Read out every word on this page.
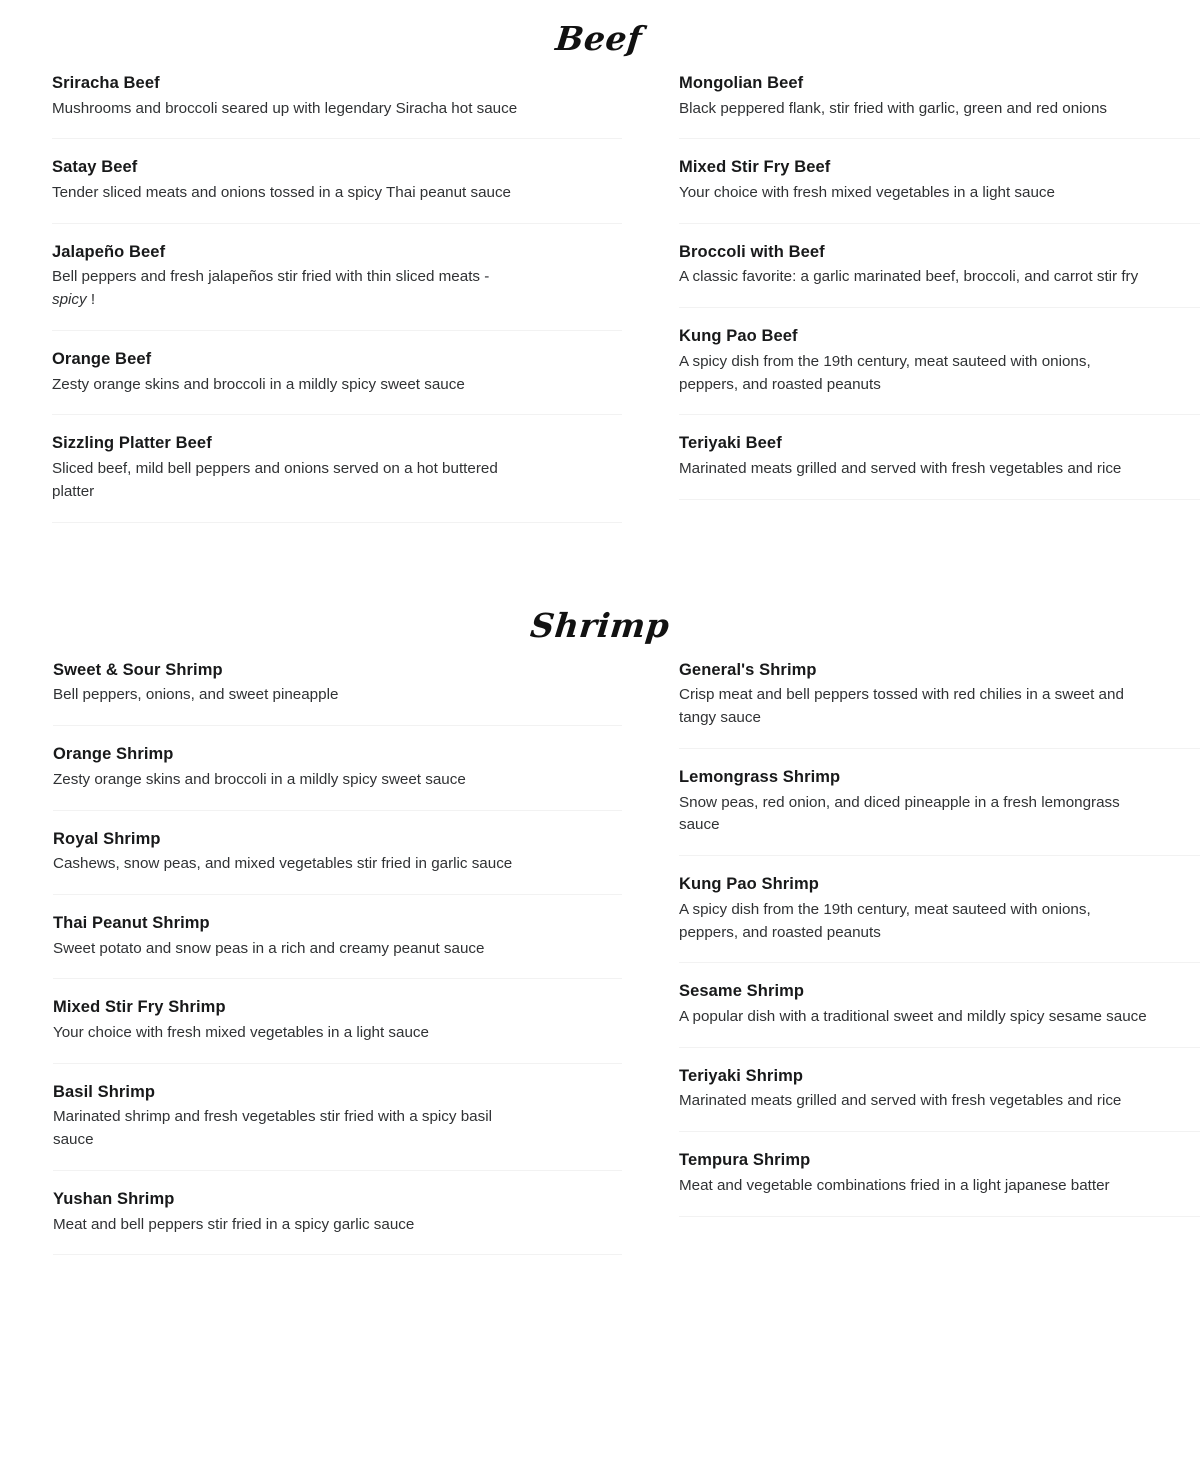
Beef
Sriracha Beef
Mushrooms and broccoli seared up with legendary Siracha hot sauce
Satay Beef
Tender sliced meats and onions tossed in a spicy Thai peanut sauce
Jalapeño Beef
Bell peppers and fresh jalapeños stir fried with thin sliced meats - spicy !
Orange Beef
Zesty orange skins and broccoli in a mildly spicy sweet sauce
Sizzling Platter Beef
Sliced beef, mild bell peppers and onions served on a hot buttered platter
Mongolian Beef
Black peppered flank, stir fried with garlic, green and red onions
Mixed Stir Fry Beef
Your choice with fresh mixed vegetables in a light sauce
Broccoli with Beef
A classic favorite: a garlic marinated beef, broccoli, and carrot stir fry
Kung Pao Beef
A spicy dish from the 19th century, meat sauteed with onions, peppers, and roasted peanuts
Teriyaki Beef
Marinated meats grilled and served with fresh vegetables and rice
Shrimp
Sweet & Sour Shrimp
Bell peppers, onions, and sweet pineapple
Orange Shrimp
Zesty orange skins and broccoli in a mildly spicy sweet sauce
Royal Shrimp
Cashews, snow peas, and mixed vegetables stir fried in garlic sauce
Thai Peanut Shrimp
Sweet potato and snow peas in a rich and creamy peanut sauce
Mixed Stir Fry Shrimp
Your choice with fresh mixed vegetables in a light sauce
Basil Shrimp
Marinated shrimp and fresh vegetables stir fried with a spicy basil sauce
Yushan Shrimp
Meat and bell peppers stir fried in a spicy garlic sauce
General's Shrimp
Crisp meat and bell peppers tossed with red chilies in a sweet and tangy sauce
Lemongrass Shrimp
Snow peas, red onion, and diced pineapple in a fresh lemongrass sauce
Kung Pao Shrimp
A spicy dish from the 19th century, meat sauteed with onions, peppers, and roasted peanuts
Sesame Shrimp
A popular dish with a traditional sweet and mildly spicy sesame sauce
Teriyaki Shrimp
Marinated meats grilled and served with fresh vegetables and rice
Tempura Shrimp
Meat and vegetable combinations fried in a light japanese batter
